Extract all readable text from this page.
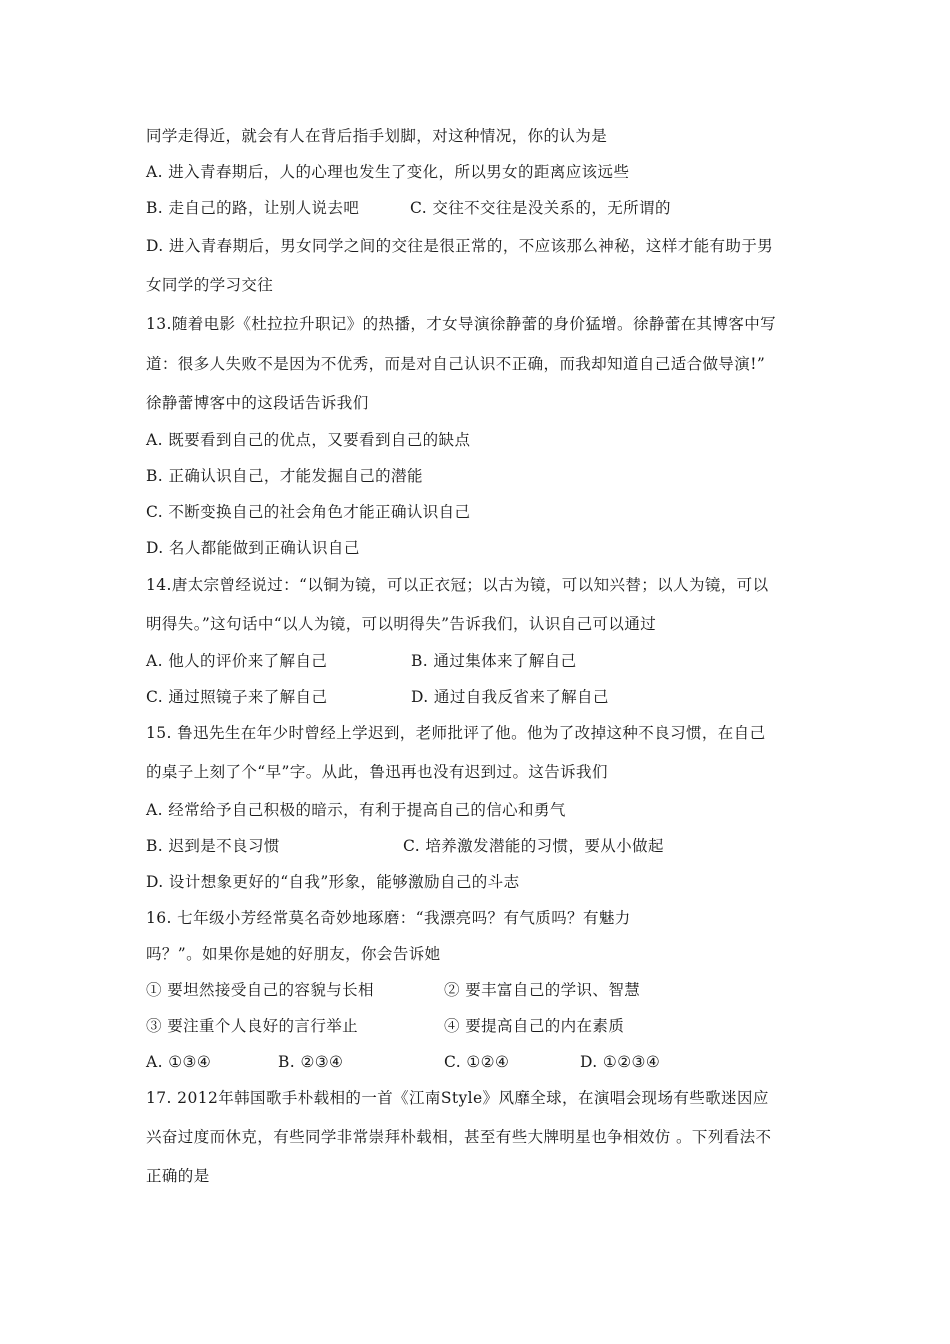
同学走得近，就会有人在背后指手划脚，对这种情况，你的认为是
A. 进入青春期后，人的心理也发生了变化，所以男女的距离应该远些
B. 走自己的路，让别人说去吧	C. 交往不交往是没关系的，无所谓的
D. 进入青春期后，男女同学之间的交往是很正常的，不应该那么神秘，这样才能有助于男
女同学的学习交往
13.随着电影《杜拉拉升职记》的热播，才女导演徐静蕾的身价猛增。徐静蕾在其博客中写
道：很多人失败不是因为不优秀，而是对自己认识不正确，而我却知道自己适合做导演!”
徐静蕾博客中的这段话告诉我们
A. 既要看到自己的优点，又要看到自己的缺点
B. 正确认识自己，才能发掘自己的潜能
C. 不断变换自己的社会角色才能正确认识自己
D. 名人都能做到正确认识自己
14.唐太宗曾经说过：“以铜为镜，可以正衣冠；以古为镜，可以知兴替；以人为镜，可以
明得失。”这句话中“以人为镜，可以明得失”告诉我们，认识自己可以通过
A. 他人的评价来了解自己	B. 通过集体来了解自己
C. 通过照镜子来了解自己	D. 通过自我反省来了解自己
15. 鲁迅先生在年少时曾经上学迟到，老师批评了他。他为了改掉这种不良习惯，在自己
的桌子上刻了个“早”字。从此，鲁迅再也没有迟到过。这告诉我们
A. 经常给予自己积极的暗示，有利于提高自己的信心和勇气
B. 迟到是不良习惯	C. 培养激发潜能的习惯，要从小做起
D. 设计想象更好的“自我”形象，能够激励自己的斗志
16. 七年级小芳经常莫名奇妙地琢磨：“我漂亮吗？有气质吗？有魅力
吗？”。如果你是她的好朋友，你会告诉她
① 要坦然接受自己的容貌与长相	② 要丰富自己的学识、智慧
③ 要注重个人良好的言行举止	④ 要提高自己的内在素质
A. ①③④	B. ②③④	C. ①②④	D. ①②③④
17. 2012年韩国歌手朴载相的一首《江南Style》风靡全球，在演唱会现场有些歌迷因应
兴奋过度而休克，有些同学非常崇拜朴载相，甚至有些大牌明星也争相效仿 。下列看法不
正确的是
